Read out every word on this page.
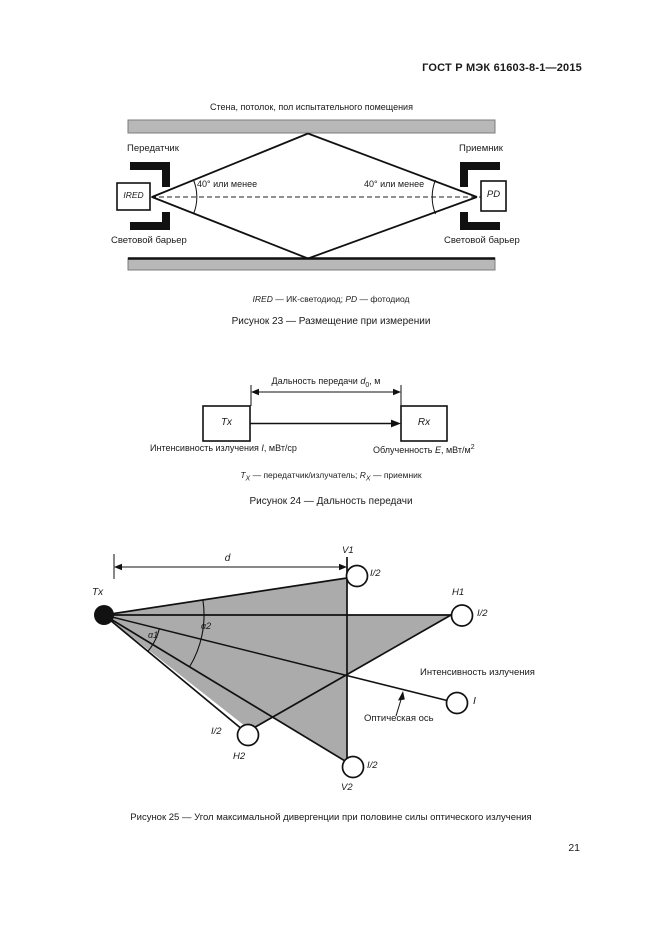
ГОСТ Р МЭК 61603-8-1—2015
Стена, потолок, пол испытательного помещения
Передатчик	Приемник
IRED	PD
40° или менее	40° или менее
Световой барьер	Световой барьер
IRED — ИК-светодиод; PD — фотодиод
Рисунок 23 — Размещение при измерении
Дальность передачи $d_0$, м
Tx	Rx
Интенсивность излучения I, мВт/ср	Облученность E, мВт/$м^2$
$T_X$ — передатчик/излучатель; $R_X$ — приемник
Рисунок 24 — Дальность передачи
Tx
d
V1
I/2
H1
I/2
I/2
H2
I/2
V2
I
α1
α2
Интенсивность излучения
Оптическая ось
Рисунок 25 — Угол максимальной дивергенции при половине силы оптического излучения
21
